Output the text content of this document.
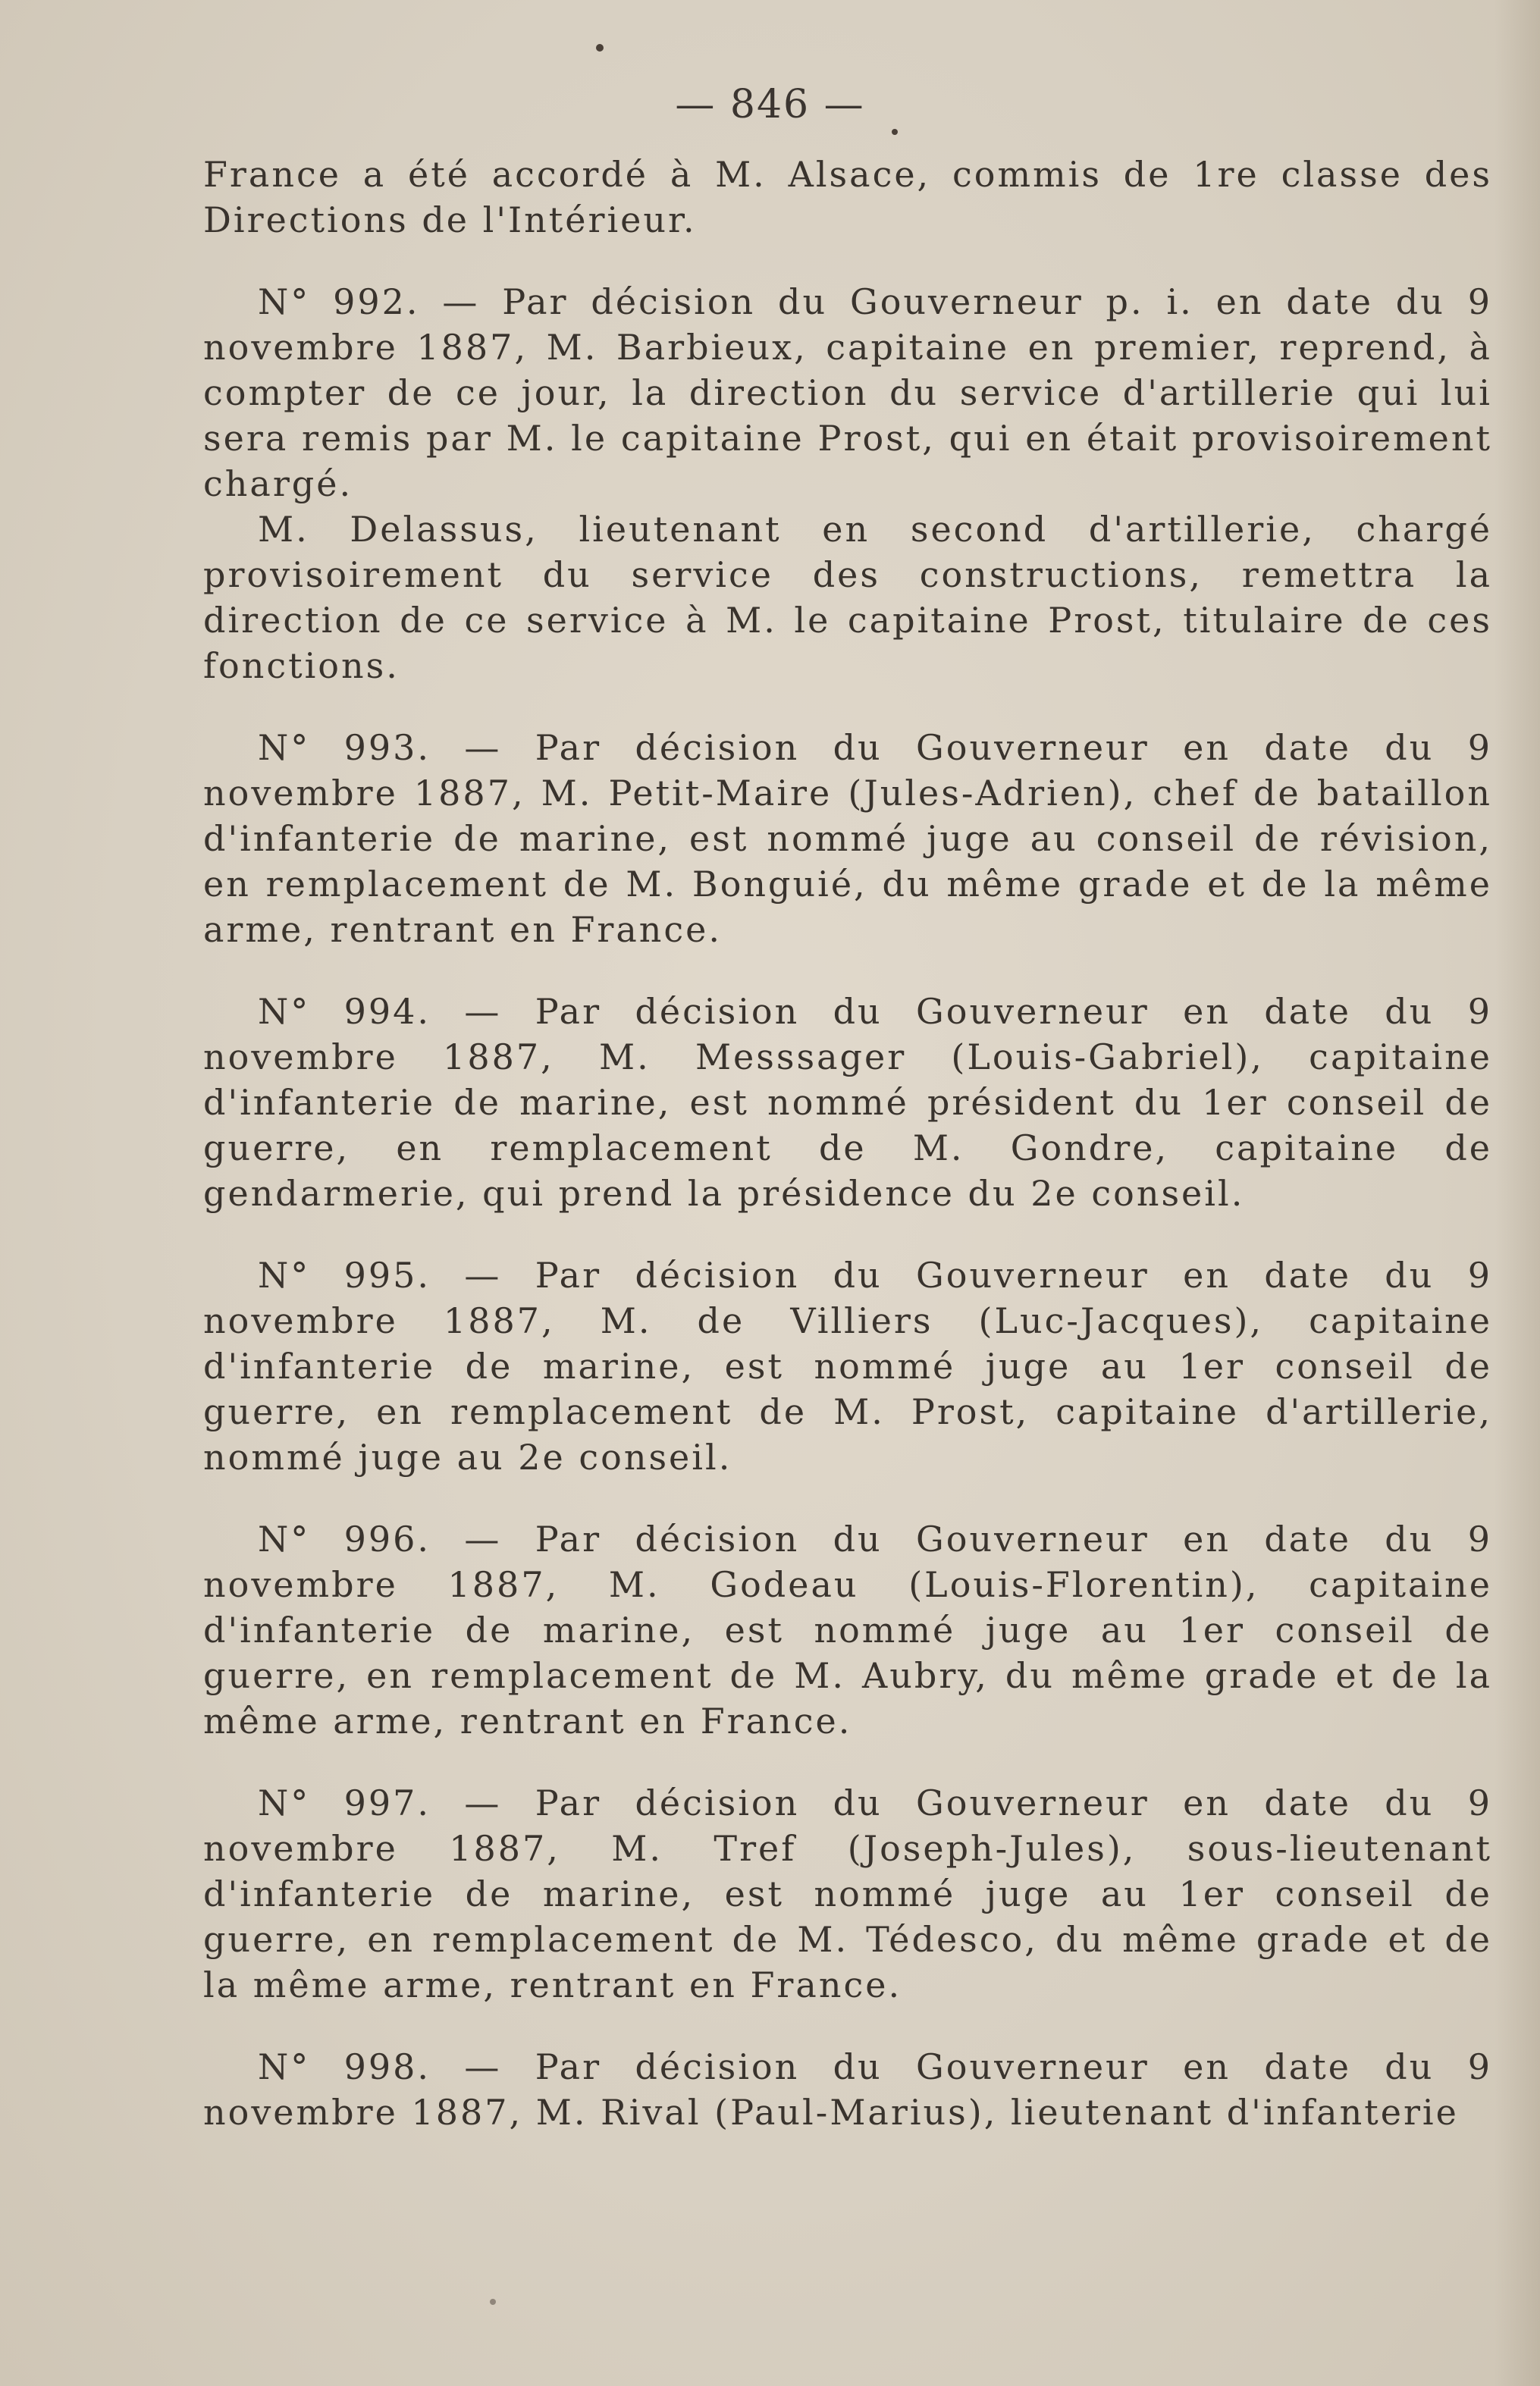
— 846 —

France a été accordé à M. Alsace, commis de 1re classe des Directions de l'Intérieur.

N° 992. — Par décision du Gouverneur p. i. en date du 9 novembre 1887, M. Barbieux, capitaine en premier, reprend, à compter de ce jour, la direction du service d'artillerie qui lui sera remis par M. le capitaine Prost, qui en était provisoirement chargé.

M. Delassus, lieutenant en second d'artillerie, chargé provisoirement du service des constructions, remettra la direction de ce service à M. le capitaine Prost, titulaire de ces fonctions.

N° 993. — Par décision du Gouverneur en date du 9 novembre 1887, M. Petit-Maire (Jules-Adrien), chef de bataillon d'infanterie de marine, est nommé juge au conseil de révision, en remplacement de M. Bonguié, du même grade et de la même arme, rentrant en France.

N° 994. — Par décision du Gouverneur en date du 9 novembre 1887, M. Messsager (Louis-Gabriel), capitaine d'infanterie de marine, est nommé président du 1er conseil de guerre, en remplacement de M. Gondre, capitaine de gendarmerie, qui prend la présidence du 2e conseil.

N° 995. — Par décision du Gouverneur en date du 9 novembre 1887, M. de Villiers (Luc-Jacques), capitaine d'infanterie de marine, est nommé juge au 1er conseil de guerre, en remplacement de M. Prost, capitaine d'artillerie, nommé juge au 2e conseil.

N° 996. — Par décision du Gouverneur en date du 9 novembre 1887, M. Godeau (Louis-Florentin), capitaine d'infanterie de marine, est nommé juge au 1er conseil de guerre, en remplacement de M. Aubry, du même grade et de la même arme, rentrant en France.

N° 997. — Par décision du Gouverneur en date du 9 novembre 1887, M. Tref (Joseph-Jules), sous-lieutenant d'infanterie de marine, est nommé juge au 1er conseil de guerre, en remplacement de M. Tédesco, du même grade et de la même arme, rentrant en France.

N° 998. — Par décision du Gouverneur en date du 9 novembre 1887, M. Rival (Paul-Marius), lieutenant d'infanterie
